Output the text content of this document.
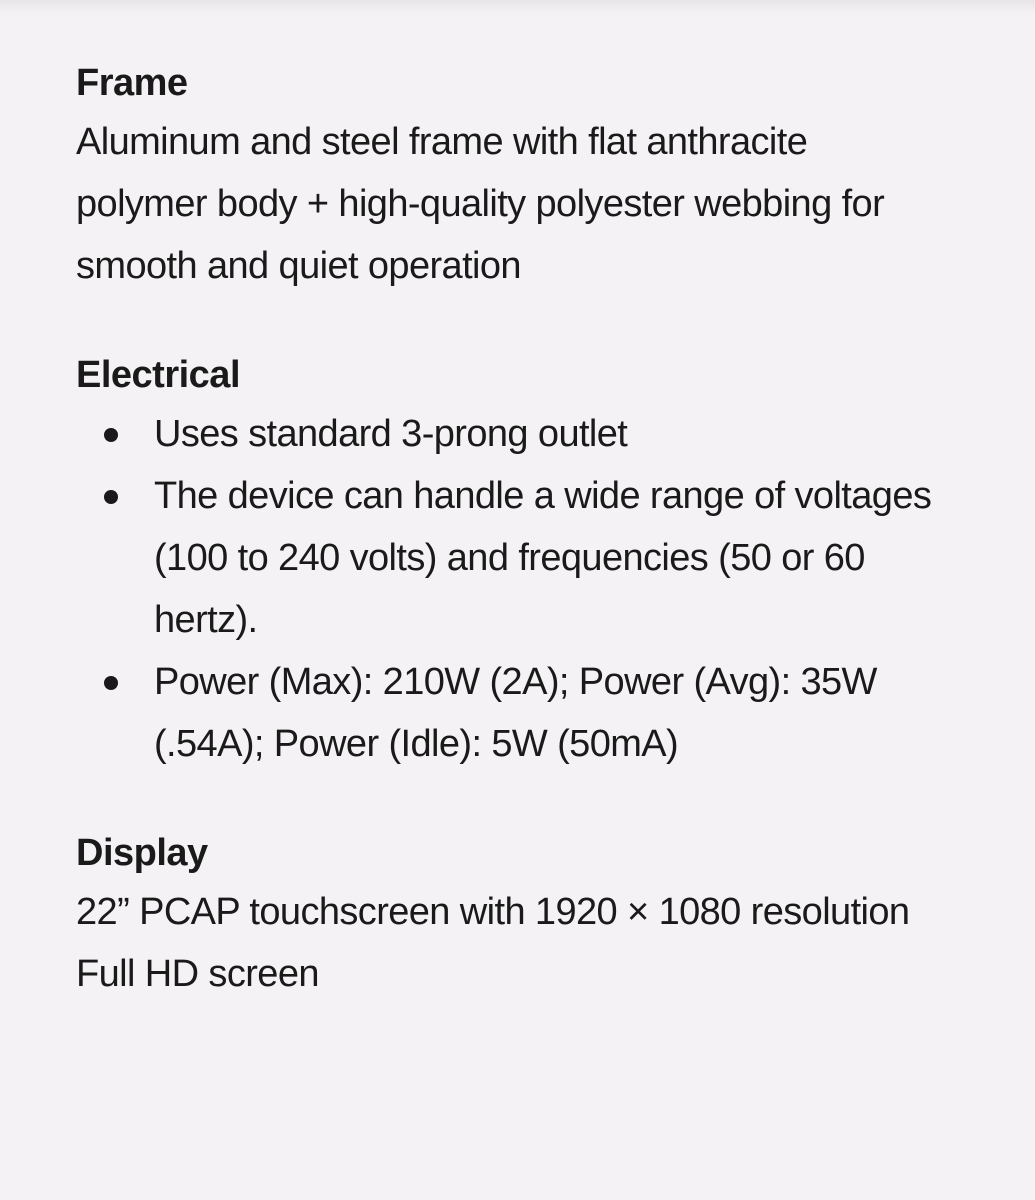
Frame

Aluminum and steel frame with flat anthracite polymer body + high-quality polyester webbing for smooth and quiet operation

Electrical
Uses standard 3-prong outlet
The device can handle a wide range of voltages (100 to 240 volts) and frequencies (50 or 60 hertz).
Power (Max): 210W (2A); Power (Avg): 35W (.54A); Power (Idle): 5W (50mA)
Display

22” PCAP touchscreen with 1920 × 1080 resolution

Full HD screen
